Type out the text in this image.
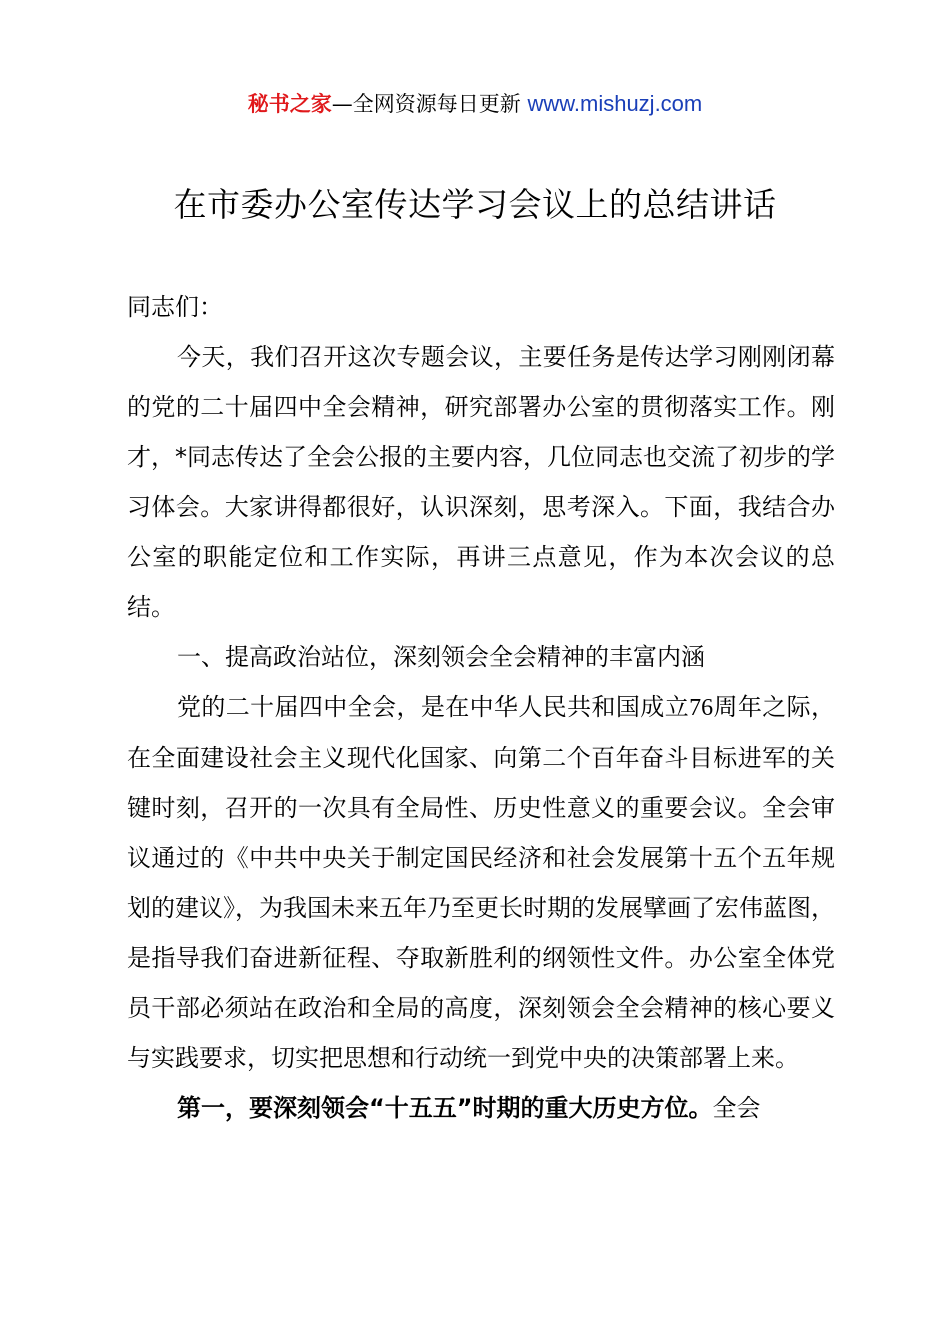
秘书之家—全网资源每日更新 www.mishuzj.com
在市委办公室传达学习会议上的总结讲话

同志们：

今天，我们召开这次专题会议，主要任务是传达学习刚刚闭幕的党的二十届四中全会精神，研究部署办公室的贯彻落实工作。刚才，*同志传达了全会公报的主要内容，几位同志也交流了初步的学习体会。大家讲得都很好，认识深刻，思考深入。下面，我结合办公室的职能定位和工作实际，再讲三点意见，作为本次会议的总结。

一、提高政治站位，深刻领会全会精神的丰富内涵

党的二十届四中全会，是在中华人民共和国成立76周年之际，在全面建设社会主义现代化国家、向第二个百年奋斗目标进军的关键时刻，召开的一次具有全局性、历史性意义的重要会议。全会审议通过的《中共中央关于制定国民经济和社会发展第十五个五年规划的建议》，为我国未来五年乃至更长时期的发展擘画了宏伟蓝图，是指导我们奋进新征程、夺取新胜利的纲领性文件。办公室全体党员干部必须站在政治和全局的高度，深刻领会全会精神的核心要义与实践要求，切实把思想和行动统一到党中央的决策部署上来。

第一，要深刻领会“十五五”时期的重大历史方位。全会
